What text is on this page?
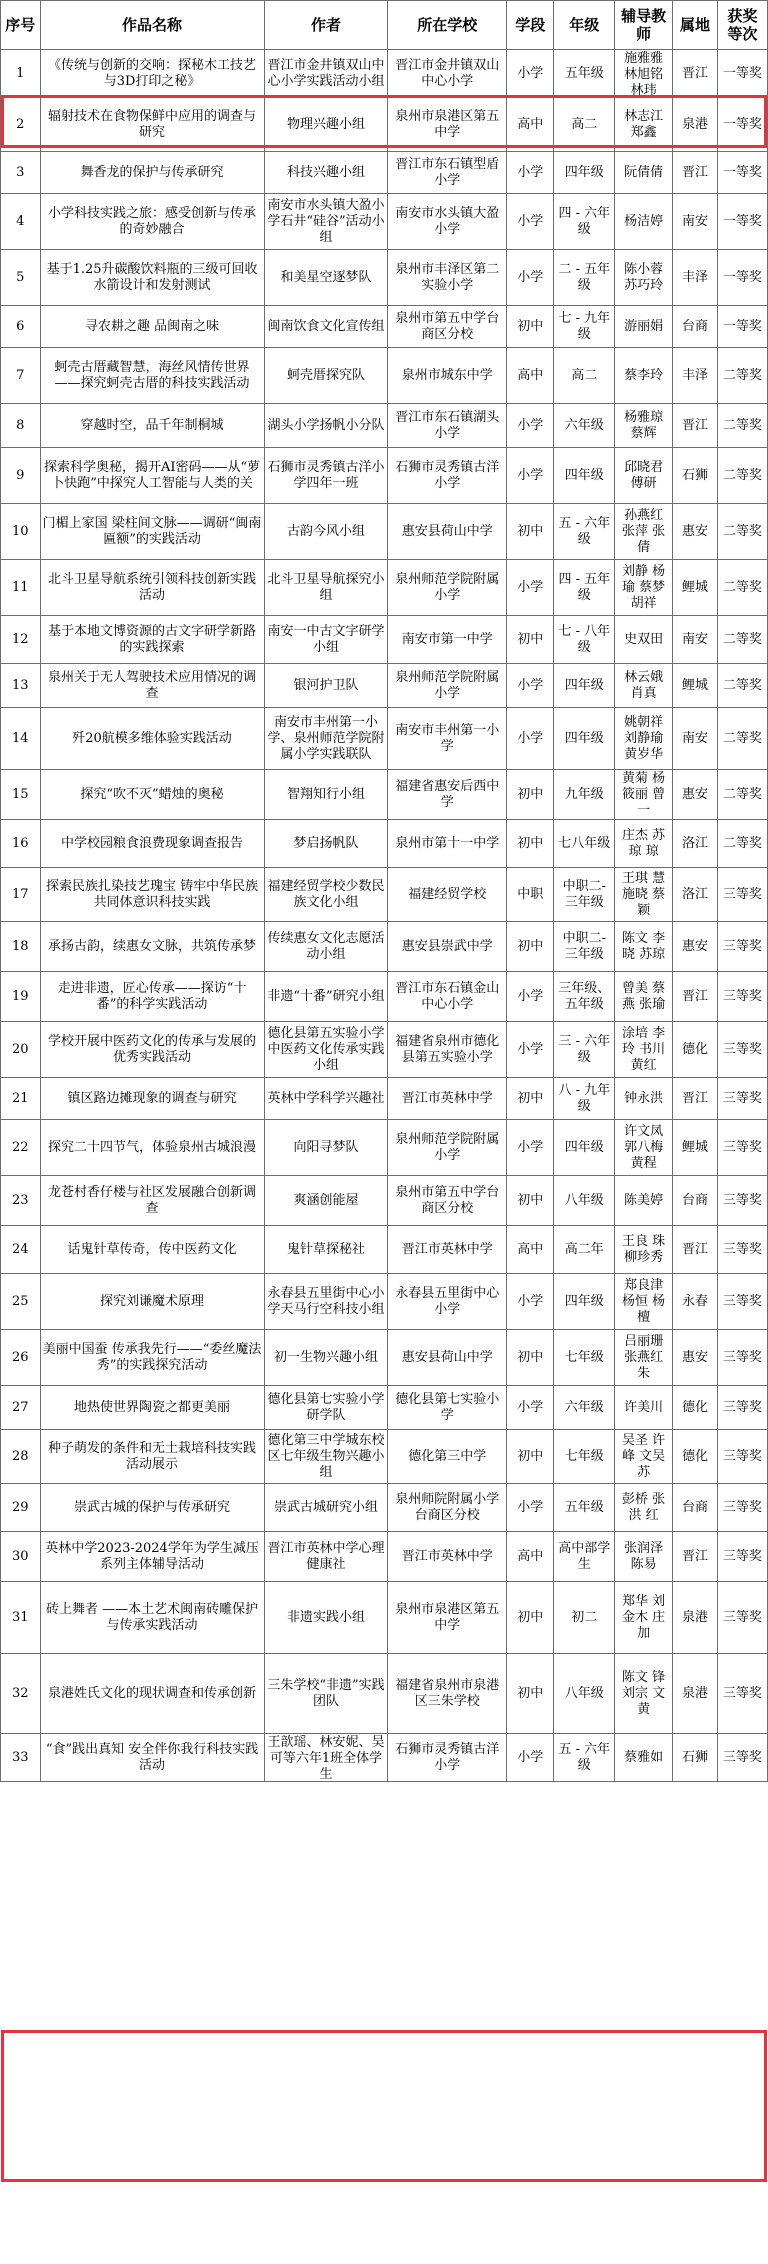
序号	作品名称	作者	所在学校	学段	年级	辅导教师	属地	获奖等次

1	《传统与创新的交响：探秘木工技艺与3D打印之秘》	晋江市金井镇双山中心小学实践活动小组	晋江市金井镇双山中心小学	小学	五年级	施雅雅 林旭铭 林玮	晋江	一等奖

2	辐射技术在食物保鲜中应用的调查与研究	物理兴趣小组	泉州市泉港区第五中学	高中	高二	林志江 郑鑫	泉港	一等奖

3	舞香龙的保护与传承研究	科技兴趣小组	晋江市东石镇型盾小学	小学	四年级	阮倩倩	晋江	一等奖

4	小学科技实践之旅：感受创新与传承的奇妙融合	南安市水头镇大盈小学石井“硅谷”活动小组	南安市水头镇大盈小学	小学	四 - 六年级	杨洁婷	南安	一等奖

5	基于1.25升碳酸饮料瓶的三级可回收水箭设计和发射测试	和美星空逐梦队	泉州市丰泽区第二实验小学	小学	二 - 五年级	陈小蓉 苏巧玲	丰泽	一等奖

6	寻农耕之趣 品闽南之味	闽南饮食文化宣传组	泉州市第五中学台商区分校	初中	七 - 九年级	游丽娟	台商	一等奖

7	蚵壳古厝藏智慧，海丝风情传世界——探究蚵壳古厝的科技实践活动	蚵壳厝探究队	泉州市城东中学	高中	高二	蔡李玲	丰泽	二等奖

8	穿越时空，品千年制桐城	湖头小学扬帆小分队	晋江市东石镇湖头小学	小学	六年级	杨雅琼 蔡辉	晋江	二等奖

9	探索科学奥秘，揭开AI密码——从“萝卜快跑”中探究人工智能与人类的关	石狮市灵秀镇古洋小学四年一班	石狮市灵秀镇古洋小学	小学	四年级	邱晓君 傅研	石狮	二等奖

10	门楣上家国 梁柱间文脉——调研“闽南匾额”的实践活动	古韵今风小组	惠安县荷山中学	初中	五 - 六年级	孙燕红 张萍 张倩	惠安	二等奖

11	北斗卫星导航系统引领科技创新实践活动	北斗卫星导航探究小组	泉州师范学院附属小学	小学	四 - 五年级	刘静 杨瑜 蔡梦 胡祥	鲤城	二等奖

12	基于本地文博资源的古文字研学新路的实践探索	南安一中古文字研学小组	南安市第一中学	初中	七 - 八年级	史双田	南安	二等奖

13	泉州关于无人驾驶技术应用情况的调查	银河护卫队	泉州师范学院附属小学	小学	四年级	林云娥 肖真	鲤城	二等奖

14	歼20航模多维体验实践活动	南安市丰州第一小学、泉州师范学院附属小学实践联队	南安市丰州第一小学	小学	四年级	姚朝祥 刘静瑜 黄岁华	南安	二等奖

15	探究“吹不灭”蜡烛的奥秘	智翔知行小组	福建省惠安后西中学	初中	九年级	黄菊 杨筱丽 曾一	惠安	二等奖

16	中学校园粮食浪费现象调查报告	梦启扬帆队	泉州市第十一中学	初中	七八年级	庄杰 苏琼 琼	洛江	二等奖

17	探索民族扎染技艺瑰宝 铸牢中华民族共同体意识科技实践	福建经贸学校少数民族文化小组	福建经贸学校	中职	中职二-三年级	王琪 慧 施晓 蔡颖	洛江	三等奖

18	承扬古韵，续惠女文脉，共筑传承梦	传续惠女文化志愿活动小组	惠安县崇武中学	初中	中职二-三年级	陈文 李晓 苏琼	惠安	三等奖

19	走进非遗，匠心传承——探访“十番”的科学实践活动	非遗“十番”研究小组	晋江市东石镇金山中心小学	小学	三年级、五年级	曾美 蔡燕 张瑜	晋江	三等奖

20	学校开展中医药文化的传承与发展的优秀实践活动	德化县第五实验小学中医药文化传承实践小组	福建省泉州市德化县第五实验小学	小学	三 - 六年级	涂培 李玲 书川 黄红	德化	三等奖

21	镇区路边摊现象的调查与研究	英林中学科学兴趣社	晋江市英林中学	初中	八 - 九年级	钟永洪	晋江	三等奖

22	探究二十四节气，体验泉州古城浪漫	向阳寻梦队	泉州师范学院附属小学	小学	四年级	许文凤 郭八梅 黄程	鲤城	三等奖

23	龙苍村香仔楼与社区发展融合创新调查	爽涵创能屋	泉州市第五中学台商区分校	初中	八年级	陈美婷	台商	三等奖

24	话鬼针草传奇，传中医药文化	鬼针草探秘社	晋江市英林中学	高中	高二年	王良 珠 柳珍秀	晋江	三等奖

25	探究刘谦魔术原理	永春县五里街中心小学天马行空科技小组	永春县五里街中心小学	小学	四年级	郑良津 杨恒 杨檀	永春	三等奖

26	美丽中国蚕 传承我先行——“委丝魔法秀”的实践探究活动	初一生物兴趣小组	惠安县荷山中学	初中	七年级	吕丽珊 张燕红 朱	惠安	三等奖

27	地热使世界陶瓷之都更美丽	德化县第七实验小学研学队	德化县第七实验小学	小学	六年级	许美川	德化	三等奖

28	种子萌发的条件和无土栽培科技实践活动展示	德化第三中学城东校区七年级生物兴趣小组	德化第三中学	初中	七年级	吴圣 许峰 文吴 苏	德化	三等奖

29	崇武古城的保护与传承研究	崇武古城研究小组	泉州师院附属小学台商区分校	小学	五年级	彭桥 张洪 红	台商	三等奖

30	英林中学2023-2024学年为学生减压系列主体辅导活动	晋江市英林中学心理健康社	晋江市英林中学	高中	高中部学生	张润泽 陈易	晋江	三等奖

31	砖上舞者 ——本土艺术闽南砖雕保护与传承实践活动	非遗实践小组	泉州市泉港区第五中学	初中	初二	郑华 刘金木 庄加	泉港	三等奖

32	泉港姓氏文化的现状调查和传承创新	三朱学校“非遗”实践团队	福建省泉州市泉港区三朱学校	初中	八年级	陈文 锋 刘宗 文 黄	泉港	三等奖

33	“食”践出真知 安全伴你我行科技实践活动	王歆瑶、林安妮、吴可等六年1班全体学生	石狮市灵秀镇古洋小学	小学	五 - 六年级	蔡雅如	石狮	三等奖
